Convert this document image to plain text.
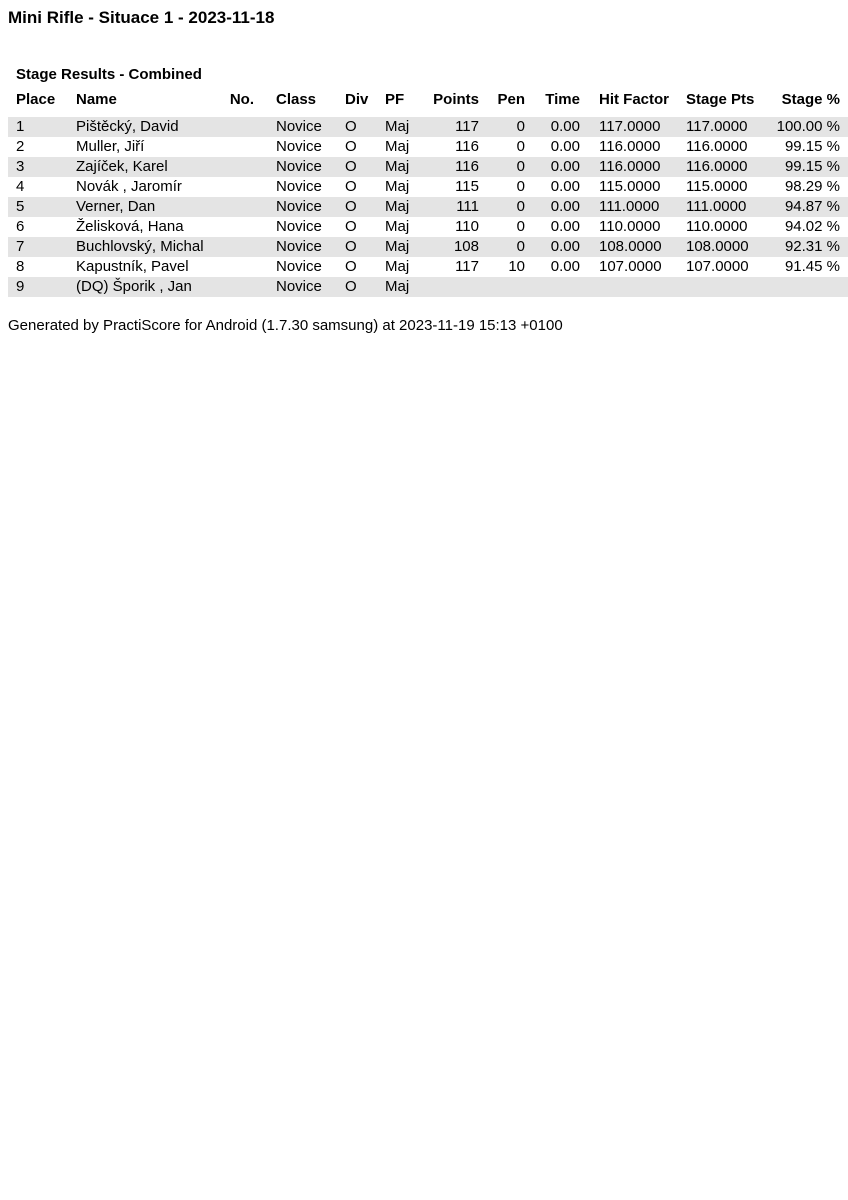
Mini Rifle - Situace 1 - 2023-11-18
Stage Results - Combined
Place	Name	No.	Class	Div	PF	Points	Pen	Time	Hit Factor	Stage Pts	Stage %
1	Pištěcký, David		Novice	O	Maj	117	0	0.00	117.0000	117.0000	100.00 %
2	Muller, Jiří		Novice	O	Maj	116	0	0.00	116.0000	116.0000	99.15 %
3	Zajíček, Karel		Novice	O	Maj	116	0	0.00	116.0000	116.0000	99.15 %
4	Novák , Jaromír		Novice	O	Maj	115	0	0.00	115.0000	115.0000	98.29 %
5	Verner, Dan		Novice	O	Maj	111	0	0.00	111.0000	111.0000	94.87 %
6	Želisková, Hana		Novice	O	Maj	110	0	0.00	110.0000	110.0000	94.02 %
7	Buchlovský, Michal		Novice	O	Maj	108	0	0.00	108.0000	108.0000	92.31 %
8	Kapustník, Pavel		Novice	O	Maj	117	10	0.00	107.0000	107.0000	91.45 %
9	(DQ) Šporik , Jan		Novice	O	Maj						
Generated by PractiScore for Android (1.7.30 samsung) at 2023-11-19 15:13 +0100
